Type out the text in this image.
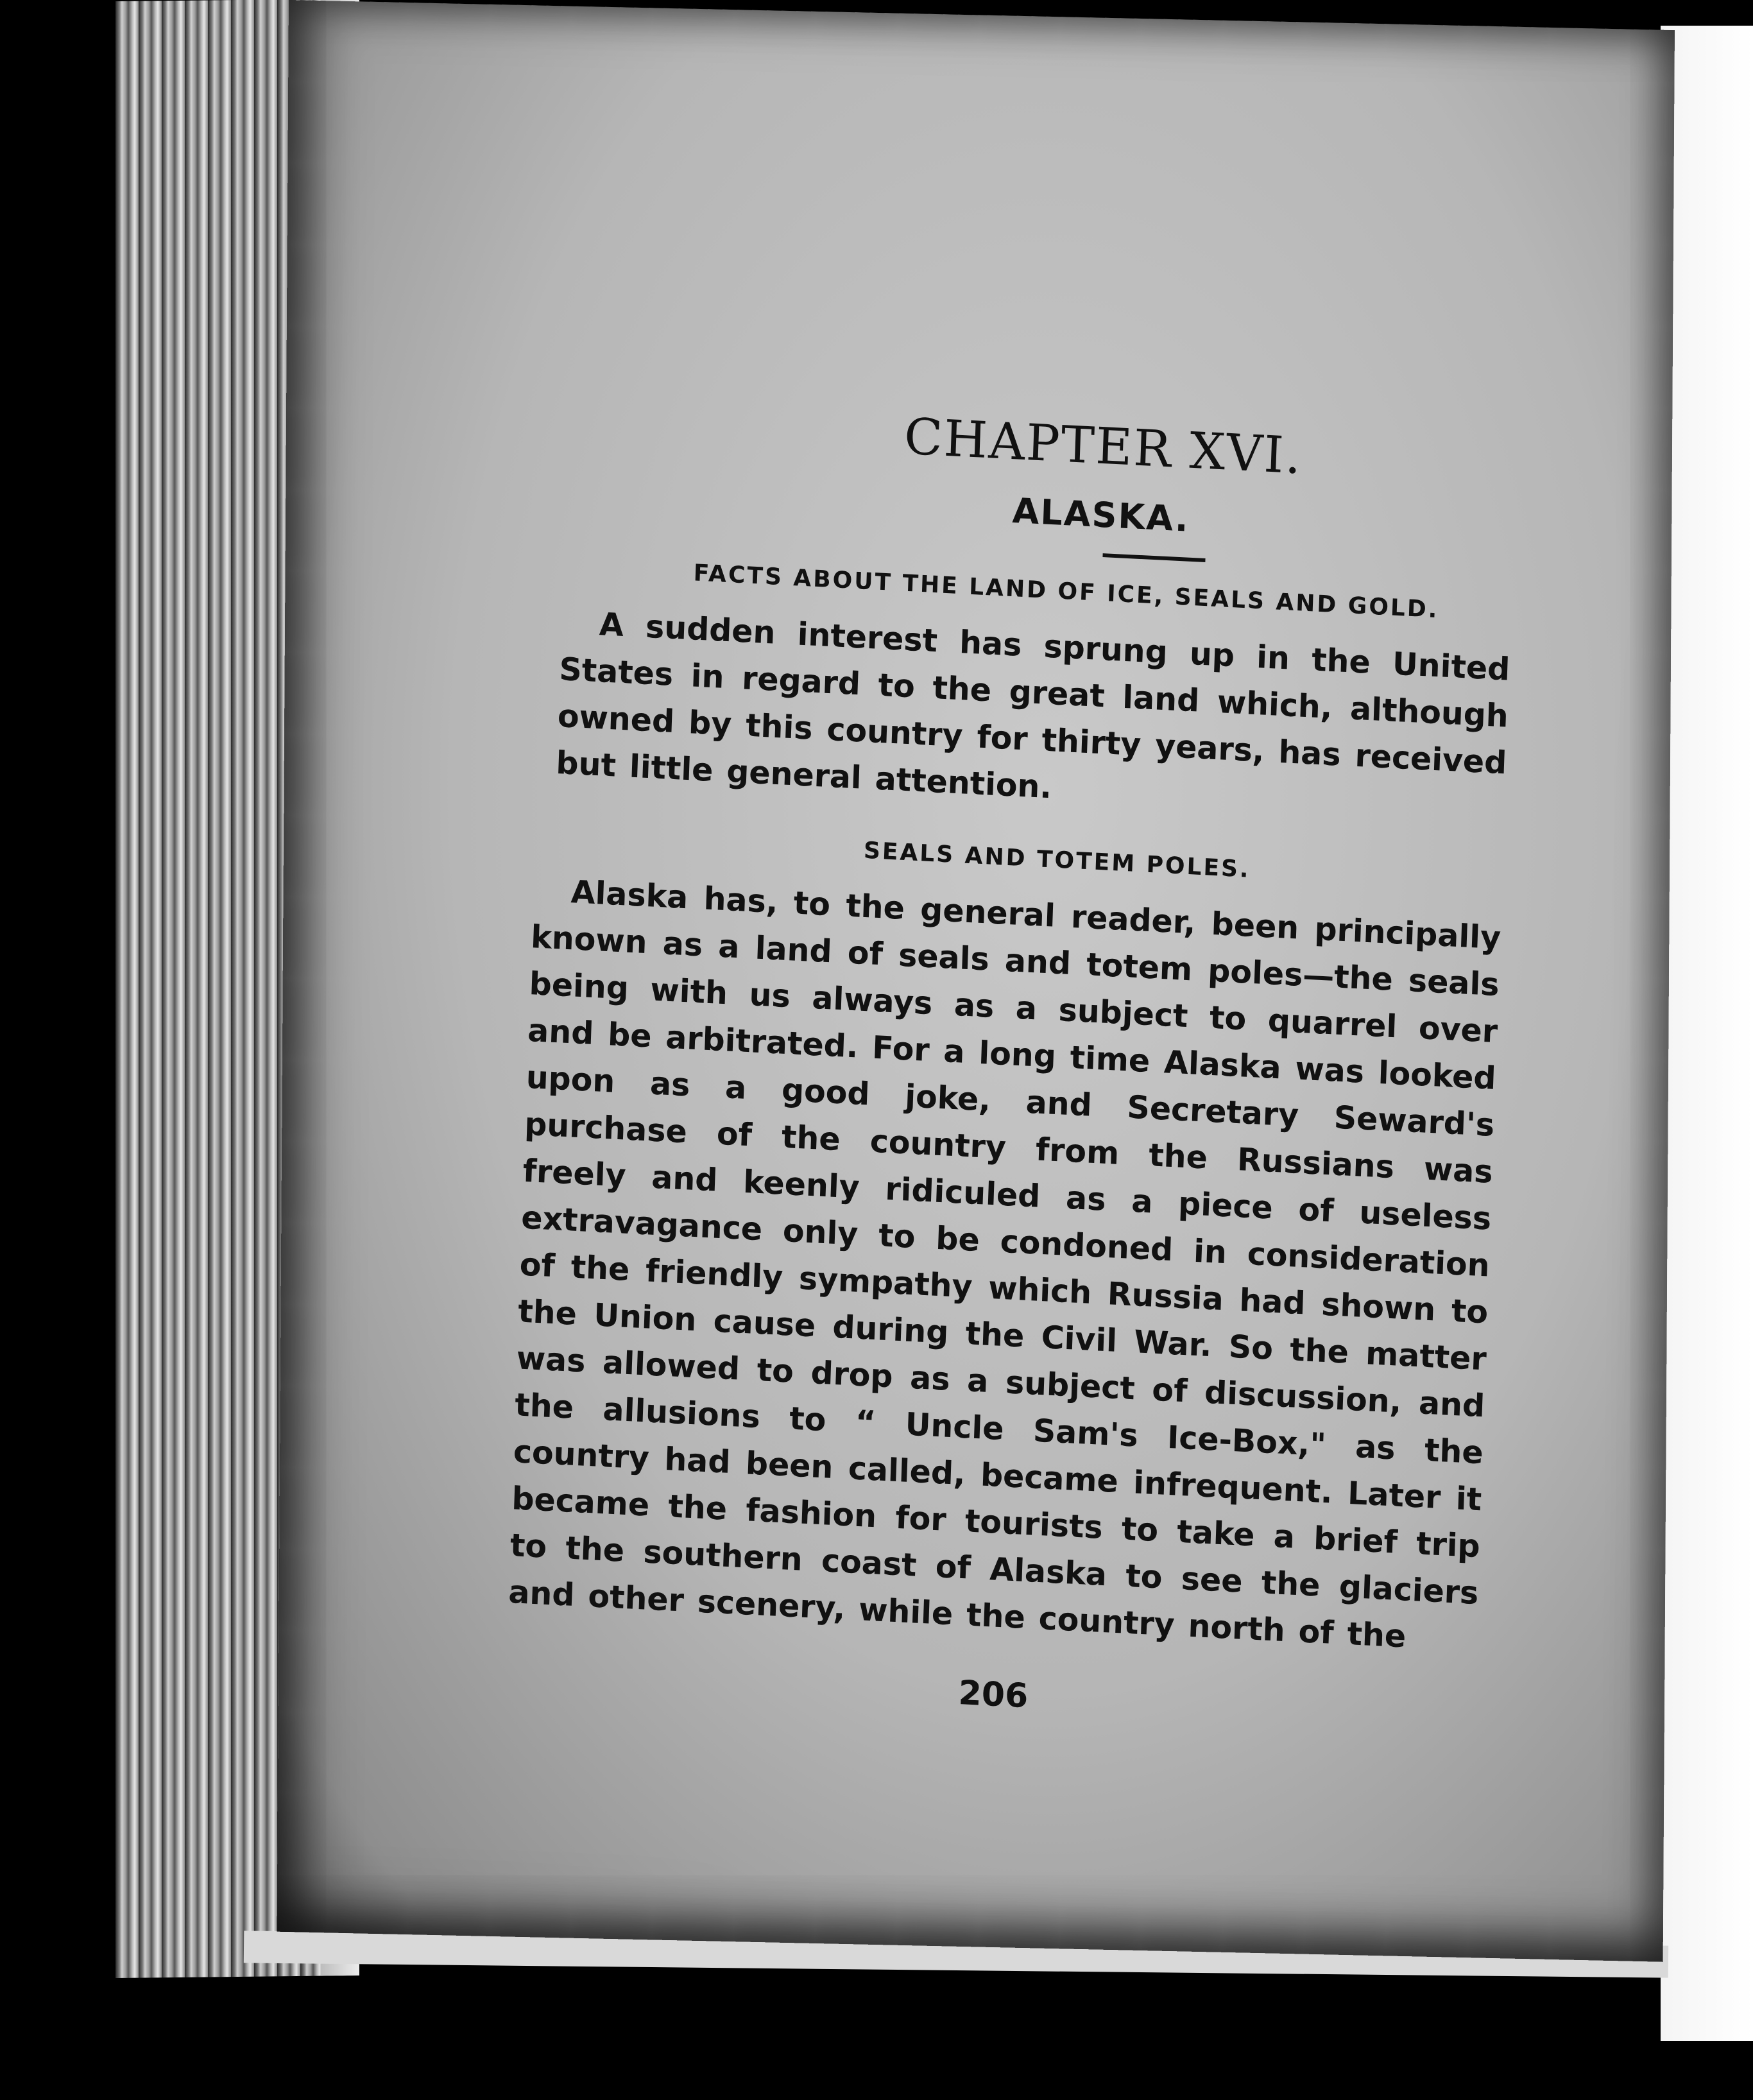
CHAPTER XVI.
ALASKA.
FACTS ABOUT THE LAND OF ICE, SEALS AND GOLD.

A sudden interest has sprung up in the United States in regard to the great land which, although owned by this country for thirty years, has received but little general attention.

SEALS AND TOTEM POLES.

Alaska has, to the general reader, been principally known as a land of seals and totem poles—the seals being with us always as a subject to quarrel over and be arbitrated. For a long time Alaska was looked upon as a good joke, and Secretary Seward's purchase of the country from the Russians was freely and keenly ridiculed as a piece of useless extravagance only to be condoned in consideration of the friendly sympathy which Russia had shown to the Union cause during the Civil War. So the matter was allowed to drop as a subject of discussion, and the allusions to “ Uncle Sam's Ice-Box," as the country had been called, became infrequent. Later it became the fashion for tourists to take a brief trip to the southern coast of Alaska to see the glaciers and other scenery, while the country north of the

206
